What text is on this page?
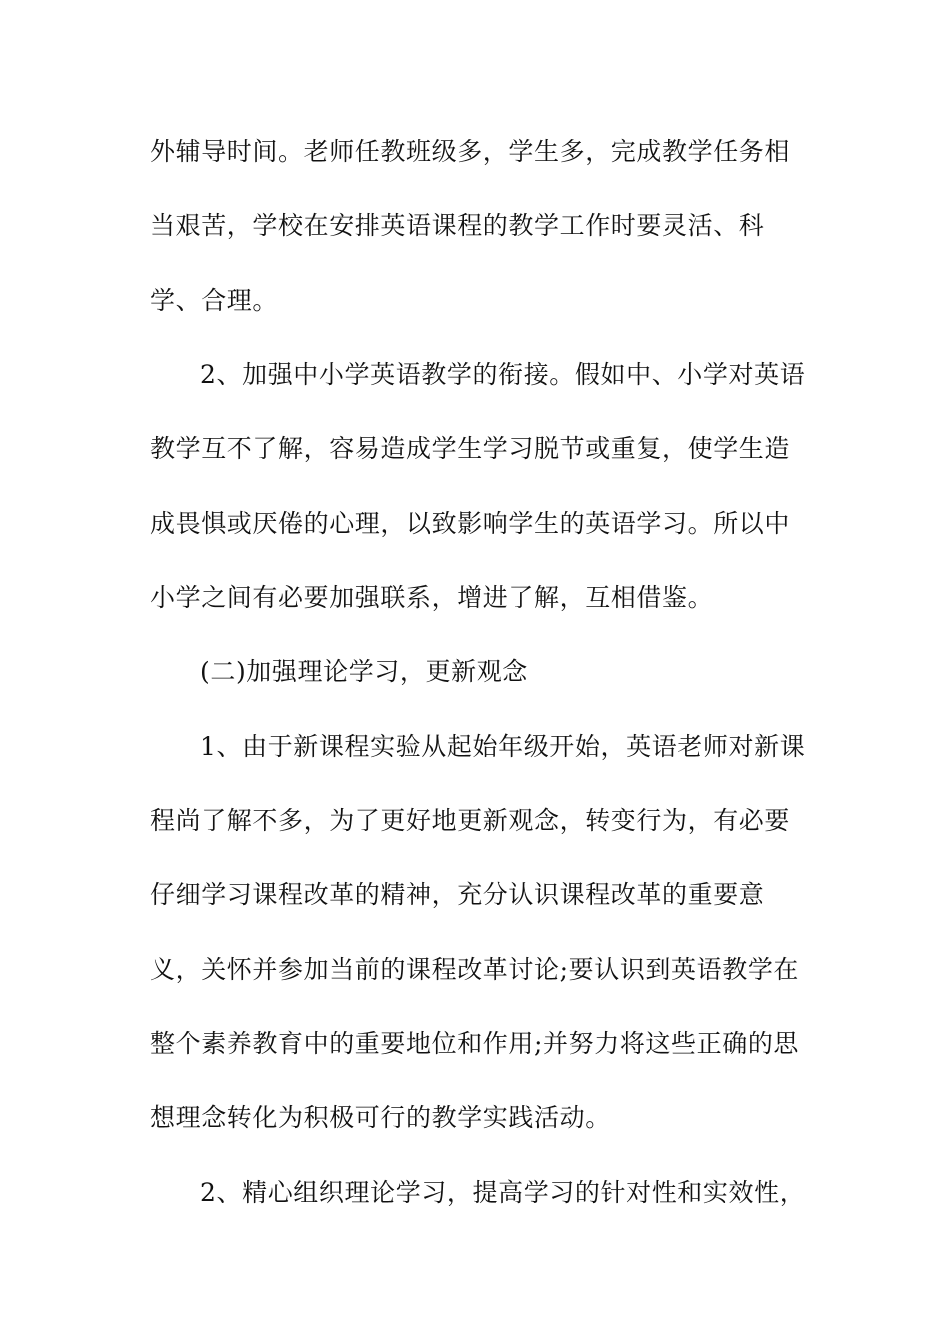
外辅导时间。老师任教班级多，学生多，完成教学任务相
当艰苦，学校在安排英语课程的教学工作时要灵活、科
学、合理。
2、加强中小学英语教学的衔接。假如中、小学对英语
教学互不了解，容易造成学生学习脱节或重复，使学生造
成畏惧或厌倦的心理，以致影响学生的英语学习。所以中
小学之间有必要加强联系，增进了解，互相借鉴。
(二)加强理论学习，更新观念
1、由于新课程实验从起始年级开始，英语老师对新课
程尚了解不多，为了更好地更新观念，转变行为，有必要
仔细学习课程改革的精神，充分认识课程改革的重要意
义，关怀并参加当前的课程改革讨论;要认识到英语教学在
整个素养教育中的重要地位和作用;并努力将这些正确的思
想理念转化为积极可行的教学实践活动。
2、精心组织理论学习，提高学习的针对性和实效性，
